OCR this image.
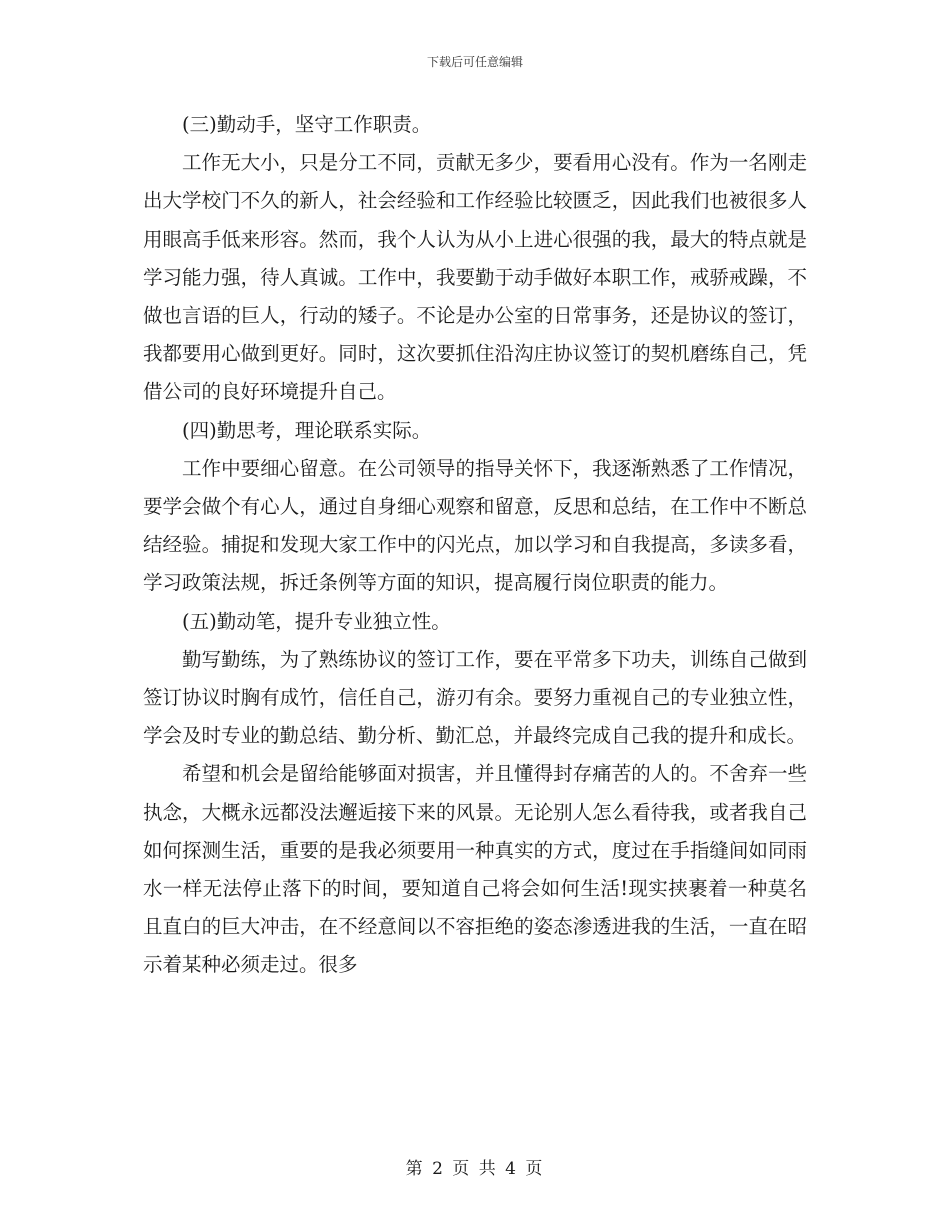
下载后可任意编辑

(三)勤动手，坚守工作职责。

工作无大小，只是分工不同，贡献无多少，要看用心没有。作为一名刚走出大学校门不久的新人，社会经验和工作经验比较匮乏，因此我们也被很多人用眼高手低来形容。然而，我个人认为从小上进心很强的我，最大的特点就是学习能力强，待人真诚。工作中，我要勤于动手做好本职工作，戒骄戒躁，不做也言语的巨人，行动的矮子。不论是办公室的日常事务，还是协议的签订，我都要用心做到更好。同时，这次要抓住沿沟庄协议签订的契机磨练自己，凭借公司的良好环境提升自己。

(四)勤思考，理论联系实际。

工作中要细心留意。在公司领导的指导关怀下，我逐渐熟悉了工作情况，要学会做个有心人，通过自身细心观察和留意，反思和总结，在工作中不断总结经验。捕捉和发现大家工作中的闪光点，加以学习和自我提高，多读多看，学习政策法规，拆迁条例等方面的知识，提高履行岗位职责的能力。

(五)勤动笔，提升专业独立性。

勤写勤练，为了熟练协议的签订工作，要在平常多下功夫，训练自己做到签订协议时胸有成竹，信任自己，游刃有余。要努力重视自己的专业独立性，学会及时专业的勤总结、勤分析、勤汇总，并最终完成自己我的提升和成长。

希望和机会是留给能够面对损害，并且懂得封存痛苦的人的。不舍弃一些执念，大概永远都没法邂逅接下来的风景。无论别人怎么看待我，或者我自己如何探测生活，重要的是我必须要用一种真实的方式，度过在手指缝间如同雨水一样无法停止落下的时间，要知道自己将会如何生活!现实挟裹着一种莫名且直白的巨大冲击，在不经意间以不容拒绝的姿态渗透进我的生活，一直在昭示着某种必须走过。很多

第 2 页 共 4 页
